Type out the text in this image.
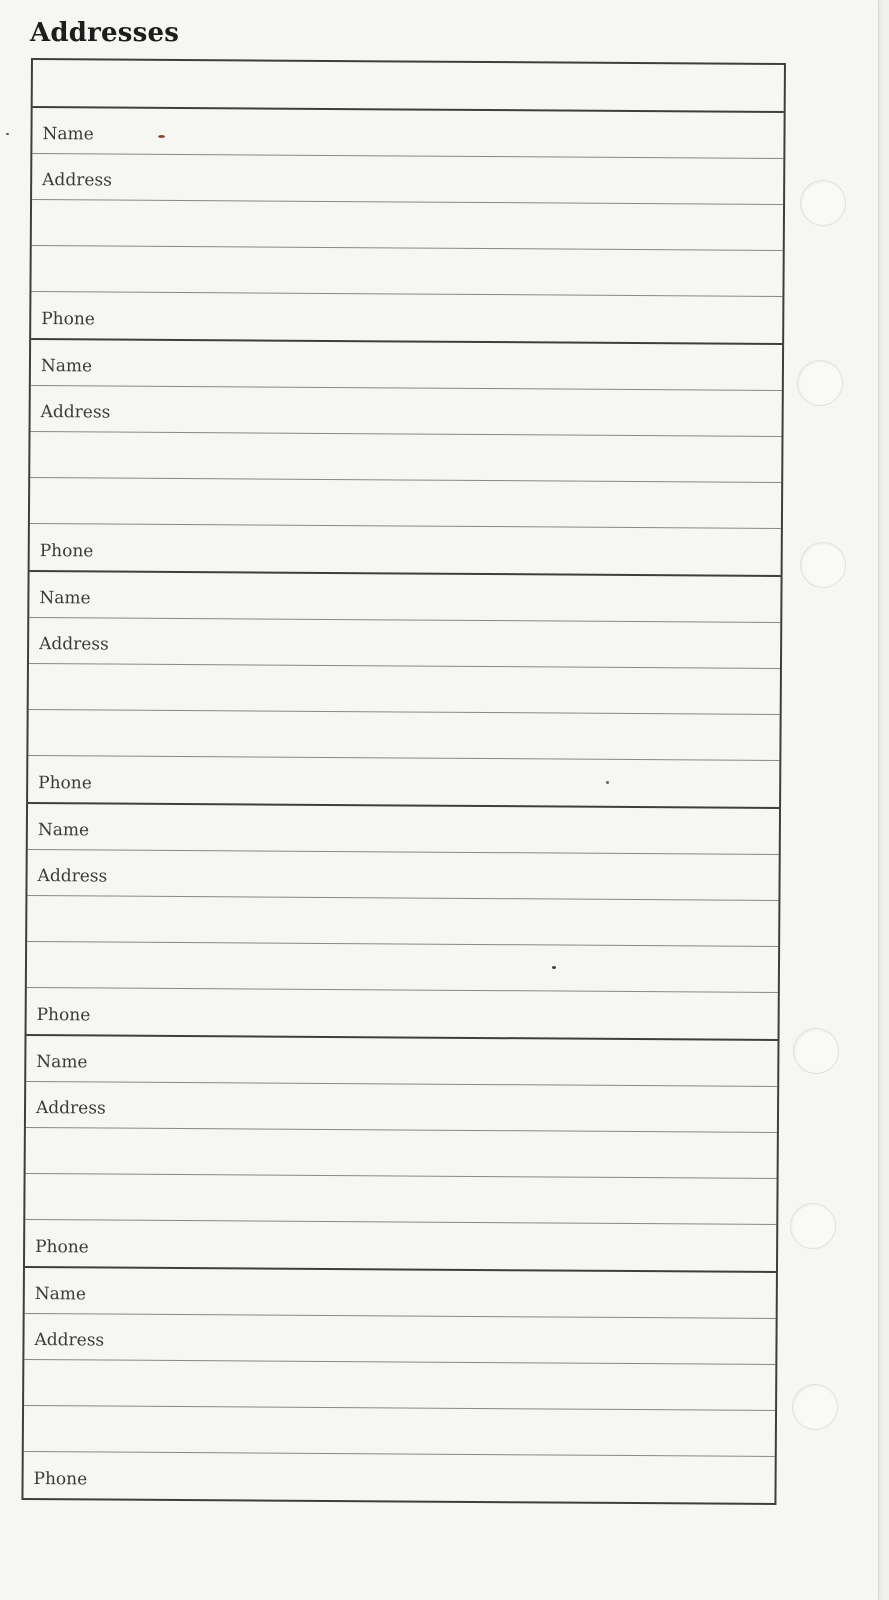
Addresses
Name
Address
Phone
Name
Address
Phone
Name
Address
Phone
Name
Address
Phone
Name
Address
Phone
Name
Address
Phone
